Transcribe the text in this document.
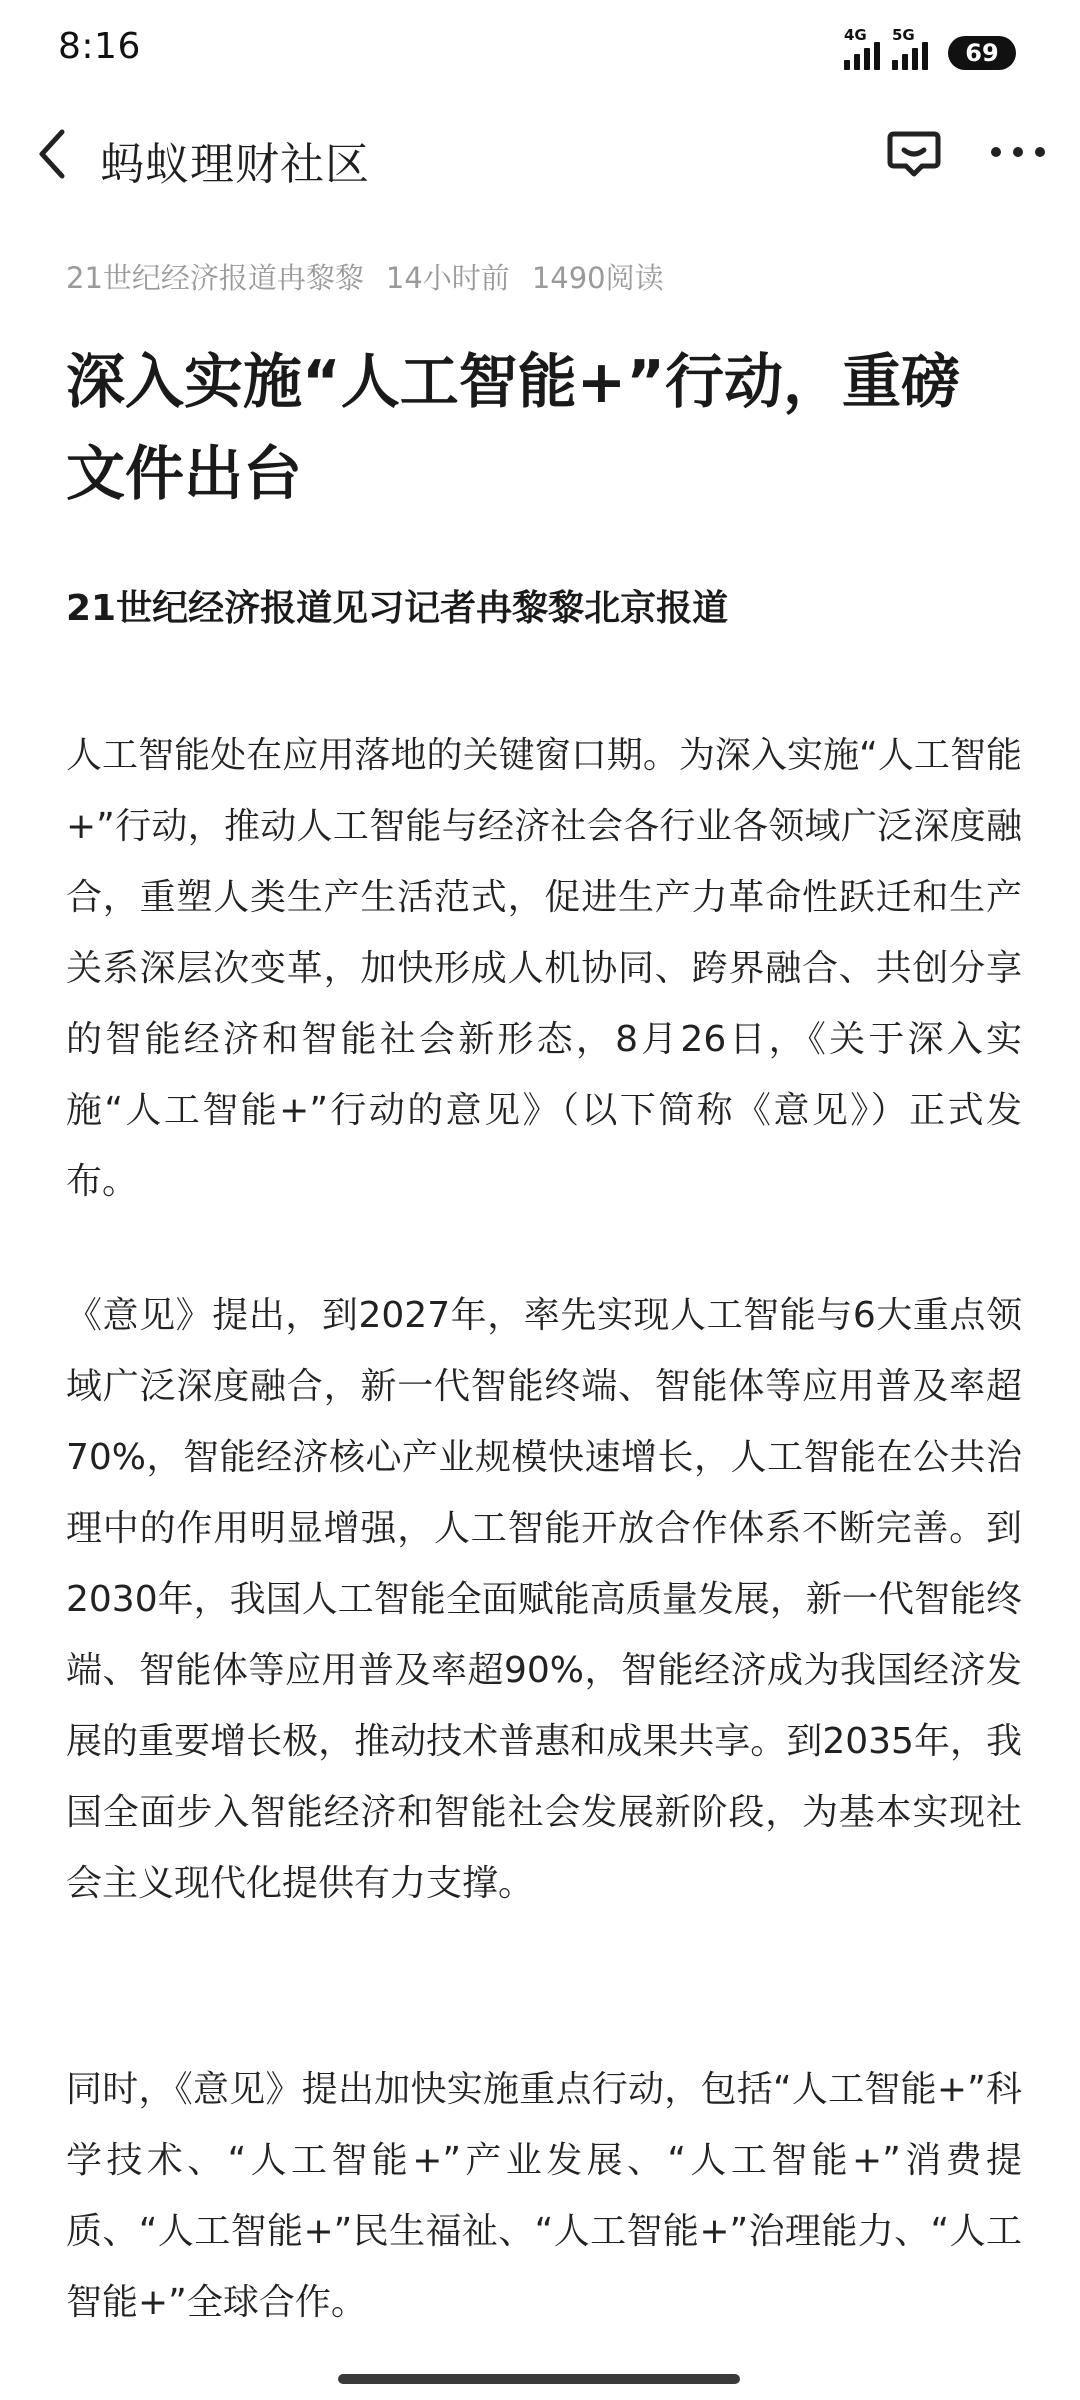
8:16	4G 5G
69
蚂蚁理财社区
21世纪经济报道冉黎黎 14小时前 1490阅读
深入实施“人工智能+”行动，重磅文件出台

21世纪经济报道见习记者冉黎黎北京报道

人工智能处在应用落地的关键窗口期。为深入实施“人工智能+”行动，推动人工智能与经济社会各行业各领域广泛深度融合，重塑人类生产生活范式，促进生产力革命性跃迁和生产关系深层次变革，加快形成人机协同、跨界融合、共创分享的智能经济和智能社会新形态，8月26日，《关于深入实施“人工智能+”行动的意见》（以下简称《意见》）正式发布。

《意见》提出，到2027年，率先实现人工智能与6大重点领域广泛深度融合，新一代智能终端、智能体等应用普及率超70%，智能经济核心产业规模快速增长，人工智能在公共治理中的作用明显增强，人工智能开放合作体系不断完善。到2030年，我国人工智能全面赋能高质量发展，新一代智能终端、智能体等应用普及率超90%，智能经济成为我国经济发展的重要增长极，推动技术普惠和成果共享。到2035年，我国全面步入智能经济和智能社会发展新阶段，为基本实现社会主义现代化提供有力支撑。

同时，《意见》提出加快实施重点行动，包括“人工智能+”科学技术、“人工智能+”产业发展、“人工智能+”消费提质、“人工智能+”民生福祉、“人工智能+”治理能力、“人工智能+”全球合作。
